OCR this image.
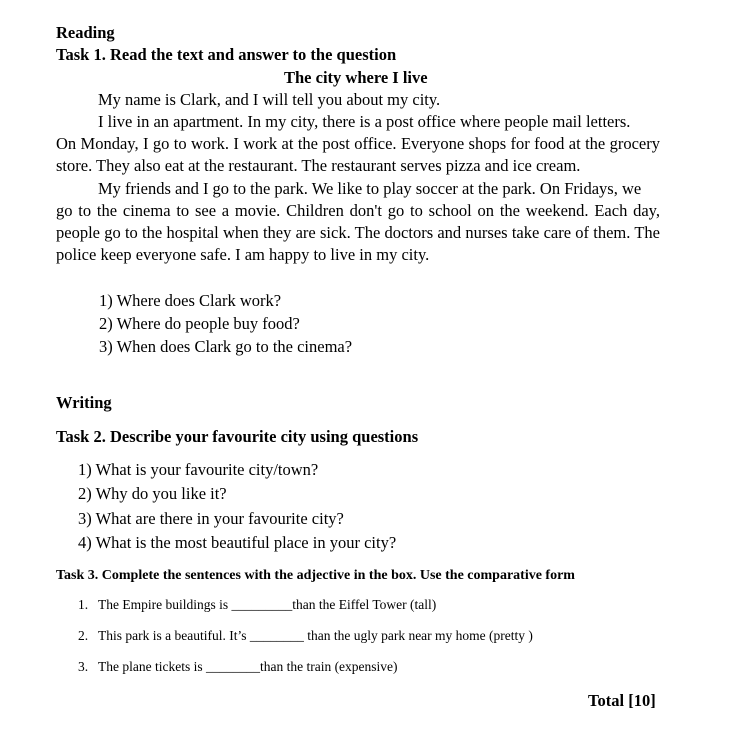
Reading
Task 1. Read the text and answer to the question
The city where I live
My name is Clark, and I will tell you about my city.
I live in an apartment. In my city, there is a post office where people mail letters.
On Monday, I go to work. I work at the post office. Everyone shops for food at the grocery store. They also eat at the restaurant. The restaurant serves pizza and ice cream.
My friends and I go to the park. We like to play soccer at the park. On Fridays, we
go to the cinema to see a movie. Children don't go to school on the weekend. Each day, people go to the hospital when they are sick. The doctors and nurses take care of them. The police keep everyone safe. I am happy to live in my city.
1) Where does Clark work?
2) Where do people buy food?
3) When does Clark go to the cinema?
Writing
Task 2. Describe your favourite city using questions
1) What is your favourite city/town?
2) Why do you like it?
3) What are there in your favourite city?
4) What is the most beautiful place in your city?
Task 3. Complete the sentences with the adjective in the box. Use the comparative form
1. The Empire buildings is _________than the Eiffel Tower (tall)
2. This park is a beautiful. It’s ________ than the ugly park near my home (pretty )
3. The plane tickets is ________than the train (expensive)
Total [10]
